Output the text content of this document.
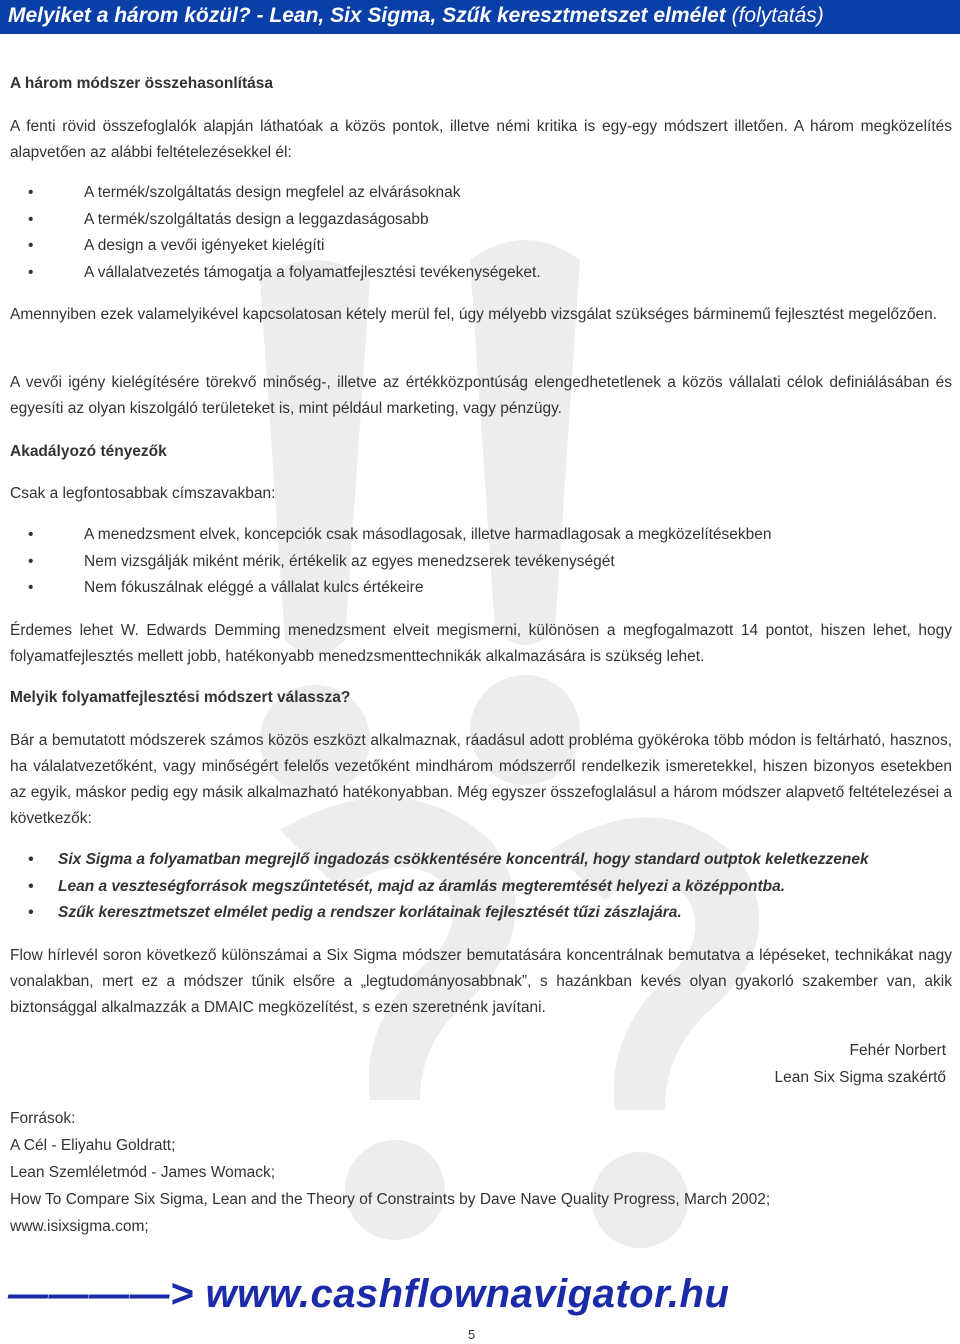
Melyiket a három közül? - Lean, Six Sigma, Szűk keresztmetszet elmélet (folytatás)

A három módszer összehasonlítása

A fenti rövid összefoglalók alapján láthatóak a közös pontok, illetve némi kritika is egy-egy módszert illetően. A három megközelítés alapvetően az alábbi feltételezésekkel él:

• A termék/szolgáltatás design megfelel az elvárásoknak
• A termék/szolgáltatás design a leggazdaságosabb
• A design a vevői igényeket kielégíti
• A vállalatvezetés támogatja a folyamatfejlesztési tevékenységeket.

Amennyiben ezek valamelyikével kapcsolatosan kétely merül fel, úgy mélyebb vizsgálat szükséges bárminemű fejlesztést megelőzően.

A vevői igény kielégítésére törekvő minőség-, illetve az értékközpontúság elengedhetetlenek a közös vállalati célok definiálásában és egyesíti az olyan kiszolgáló területeket is, mint például marketing, vagy pénzügy.

Akadályozó tényezők

Csak a legfontosabbak címszavakban:

• A menedzsment elvek, koncepciók csak másodlagosak, illetve harmadlagosak a megközelítésekben
• Nem vizsgálják miként mérik, értékelik az egyes menedzserek tevékenységét
• Nem fókuszálnak eléggé a vállalat kulcs értékeire

Érdemes lehet W. Edwards Demming menedzsment elveit megismerni, különösen a megfogalmazott 14 pontot, hiszen lehet, hogy folyamatfejlesztés mellett jobb, hatékonyabb menedzsmenttechnikák alkalmazására is szükség lehet.

Melyik folyamatfejlesztési módszert válassza?

Bár a bemutatott módszerek számos közös eszközt alkalmaznak, ráadásul adott probléma gyökéroka több módon is feltárható, hasznos, ha válalatvezetőként, vagy minőségért felelős vezetőként mindhárom módszerről rendelkezik ismeretekkel, hiszen bizonyos esetekben az egyik, máskor pedig egy másik alkalmazható hatékonyabban. Még egyszer összefoglalásul a három módszer alapvető feltételezései a következők:

• Six Sigma a folyamatban megrejlő ingadozás csökkentésére koncentrál, hogy standard outptok keletkezzenek
• Lean a veszteségforrások megszűntetését, majd az áramlás megteremtését helyezi a középpontba.
• Szűk keresztmetszet elmélet pedig a rendszer korlátainak fejlesztését tűzi zászlajára.

Flow hírlevél soron következő különszámai a Six Sigma módszer bemutatására koncentrálnak bemutatva a lépéseket, technikákat nagy vonalakban, mert ez a módszer tűnik elsőre a „legtudományosabbnak”, s hazánkban kevés olyan gyakorló szakember van, akik biztonsággal alkalmazzák a DMAIC megközelítést, s ezen szeretnénk javítani.

Fehér Norbert
Lean Six Sigma szakértő
Források:
A Cél - Eliyahu Goldratt;
Lean Szemléletmód - James Womack;
How To Compare Six Sigma, Lean and the Theory of Constraints by Dave Nave Quality Progress, March 2002;
www.isixsigma.com;
————> www.cashflownavigator.hu
5
